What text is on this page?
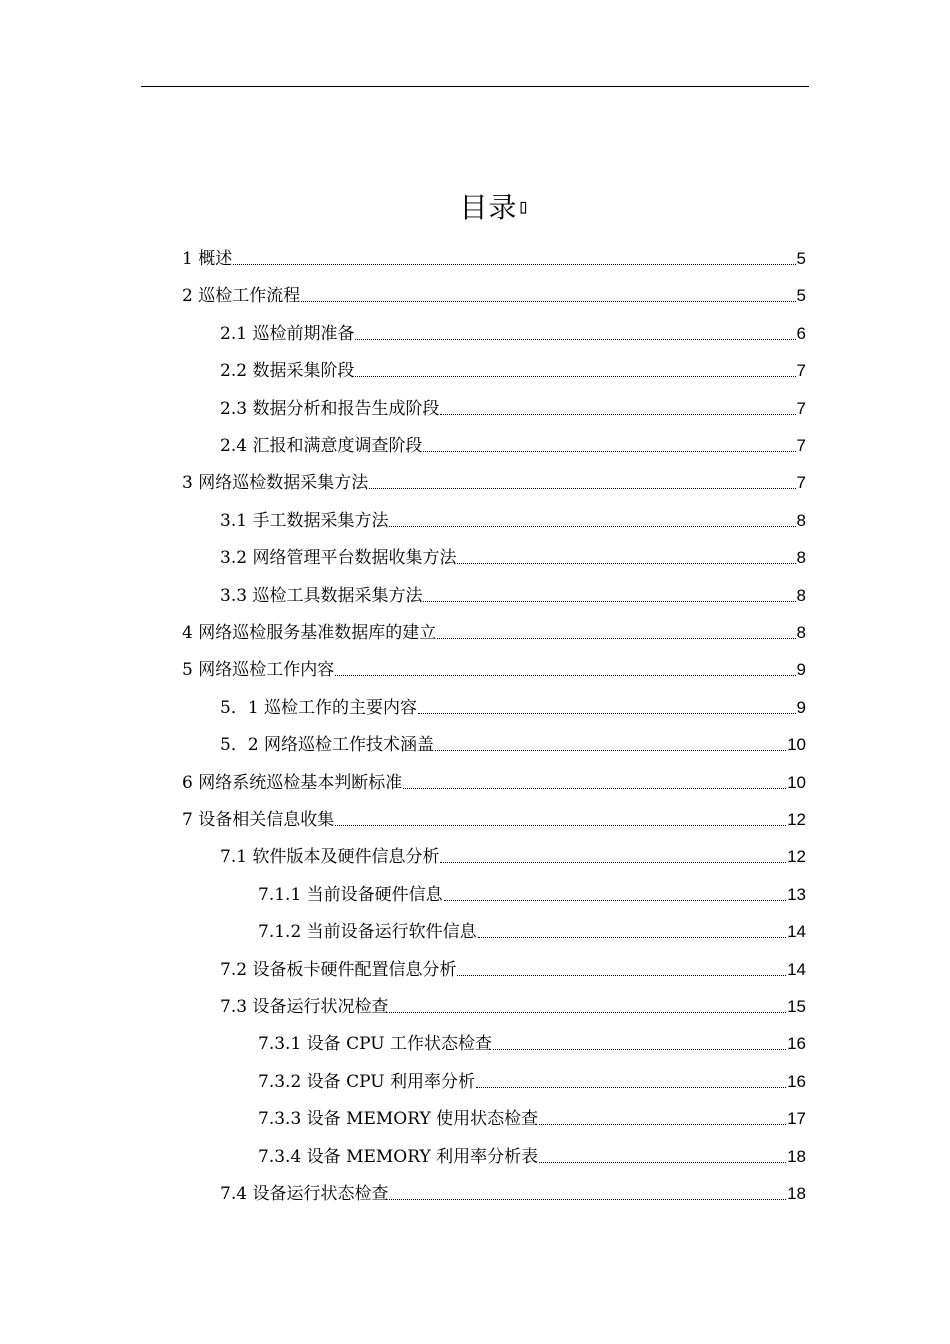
目录▯
1 概述	5
2 巡检工作流程	5
2.1 巡检前期准备	6
2.2 数据采集阶段	7
2.3 数据分析和报告生成阶段	7
2.4 汇报和满意度调查阶段	7
3 网络巡检数据采集方法	7
3.1 手工数据采集方法	8
3.2 网络管理平台数据收集方法	8
3.3 巡检工具数据采集方法	8
4 网络巡检服务基准数据库的建立	8
5 网络巡检工作内容	9
5．1 巡检工作的主要内容	9
5．2 网络巡检工作技术涵盖	10
6 网络系统巡检基本判断标准	10
7 设备相关信息收集	12
7.1 软件版本及硬件信息分析	12
7.1.1 当前设备硬件信息	13
7.1.2 当前设备运行软件信息	14
7.2 设备板卡硬件配置信息分析	14
7.3 设备运行状况检查	15
7.3.1 设备 CPU 工作状态检查	16
7.3.2 设备 CPU 利用率分析	16
7.3.3 设备 MEMORY 使用状态检查	17
7.3.4 设备 MEMORY 利用率分析表	18
7.4 设备运行状态检查	18
